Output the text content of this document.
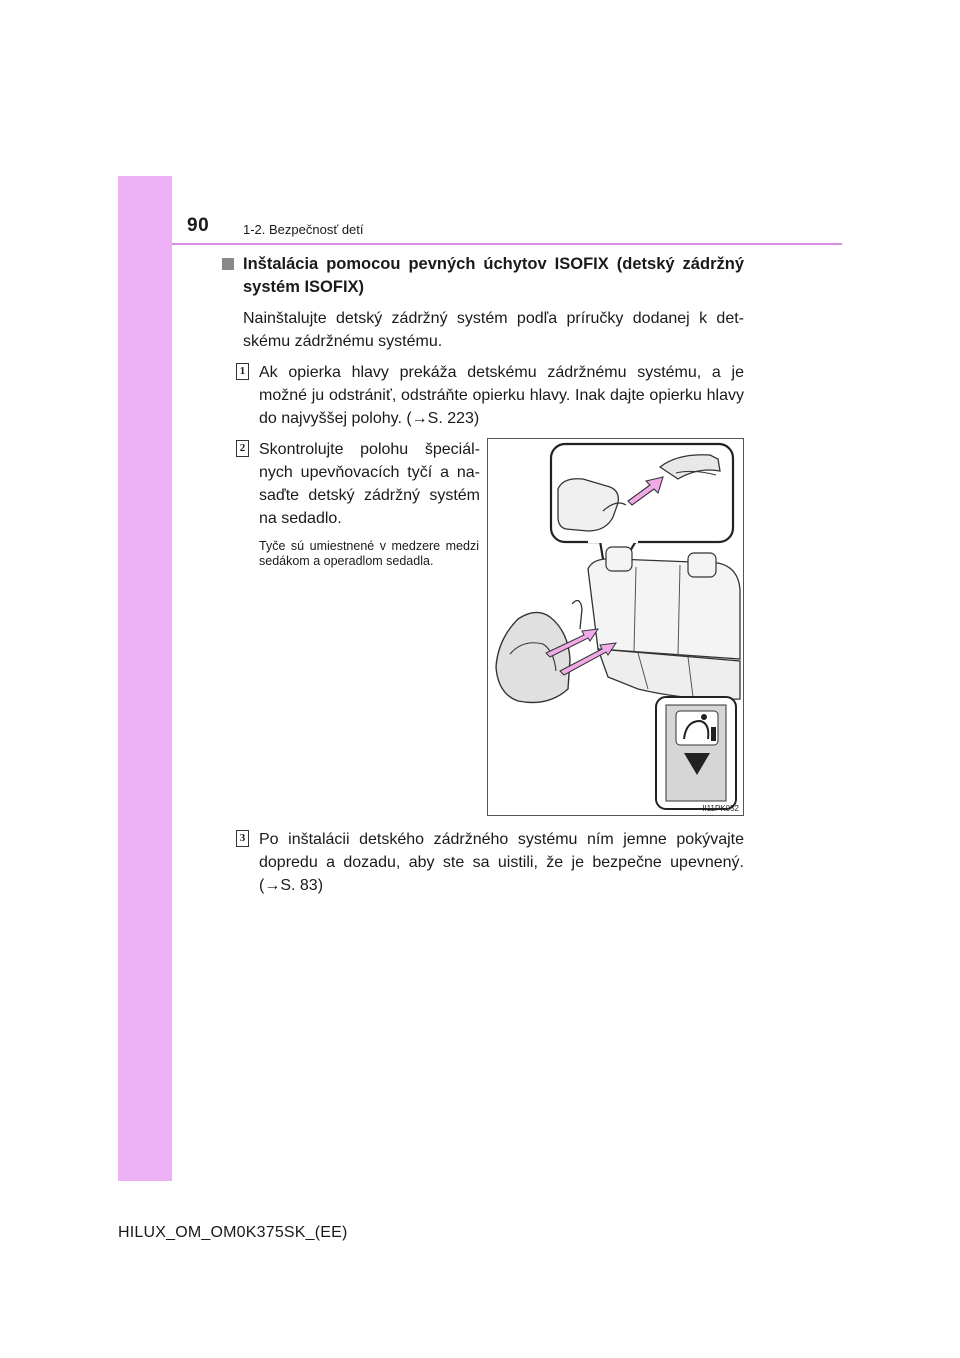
90	1-2. Bezpečnosť detí
Inštalácia pomocou pevných úchytov ISOFIX (detský zádržný systém ISOFIX)
Nainštalujte detský zádržný systém podľa príručky dodanej k det-skému zádržnému systému.
1 Ak opierka hlavy prekáža detskému zádržnému systému, a je možné ju odstrániť, odstráňte opierku hlavy. Inak dajte opierku hlavy do najvyššej polohy. (→S. 223)
2 Skontrolujte polohu špeciál-nych upevňovacích tyčí a na-saďte detský zádržný systém na sedadlo.
Tyče sú umiestnené v medzere medzi sedákom a operadlom sedadla.
II11PK052
3 Po inštalácii detského zádržného systému ním jemne pokývajte dopredu a dozadu, aby ste sa uistili, že je bezpečne upevnený. (→S. 83)
HILUX_OM_OM0K375SK_(EE)
